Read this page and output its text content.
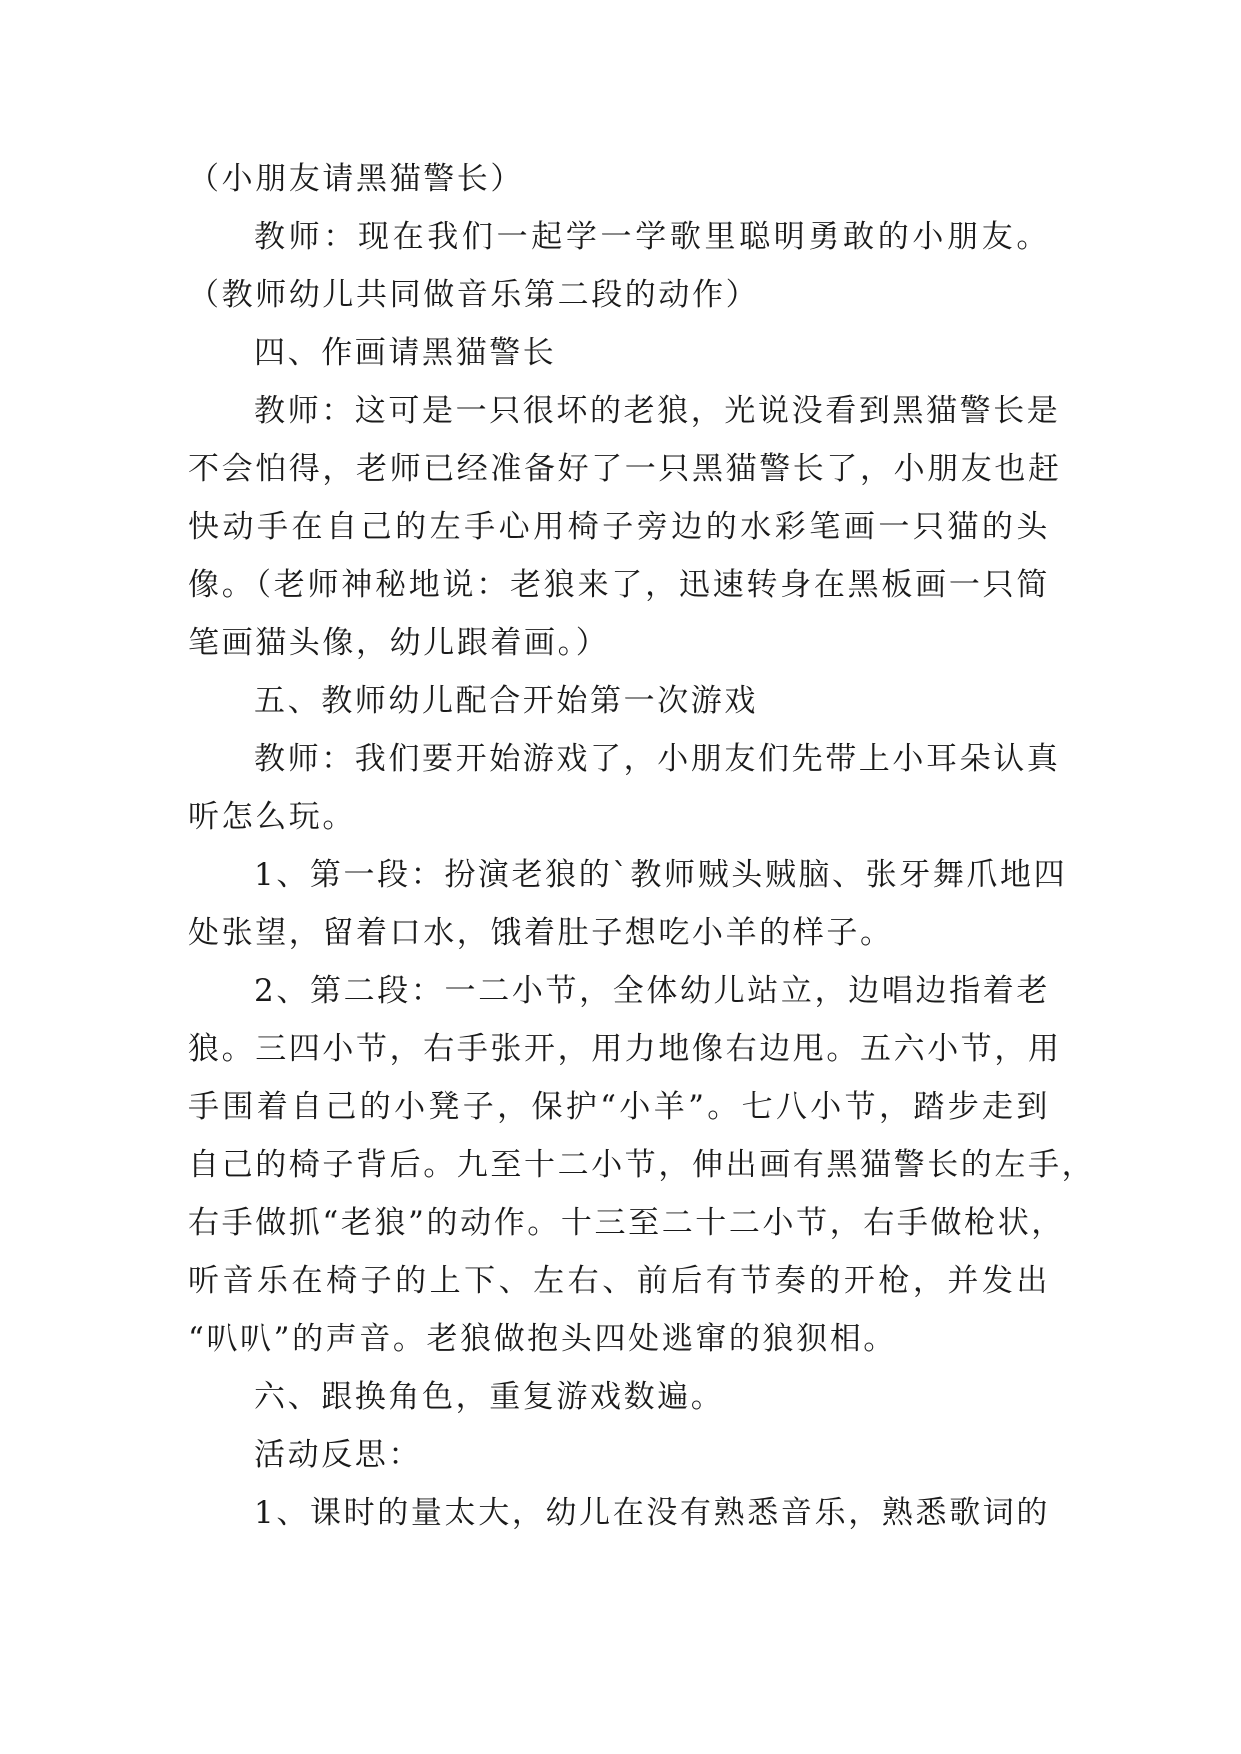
（小朋友请黑猫警长）
教师：现在我们一起学一学歌里聪明勇敢的小朋友。
（教师幼儿共同做音乐第二段的动作）
四、作画请黑猫警长
教师：这可是一只很坏的老狼，光说没看到黑猫警长是
不会怕得，老师已经准备好了一只黑猫警长了，小朋友也赶
快动手在自己的左手心用椅子旁边的水彩笔画一只猫的头
像。（老师神秘地说：老狼来了，迅速转身在黑板画一只简
笔画猫头像，幼儿跟着画。）
五、教师幼儿配合开始第一次游戏
教师：我们要开始游戏了，小朋友们先带上小耳朵认真
听怎么玩。
1、第一段：扮演老狼的`教师贼头贼脑、张牙舞爪地四
处张望，留着口水，饿着肚子想吃小羊的样子。
2、第二段：一二小节，全体幼儿站立，边唱边指着老
狼。三四小节，右手张开，用力地像右边甩。五六小节，用
手围着自己的小凳子，保护“小羊”。七八小节，踏步走到
自己的椅子背后。九至十二小节，伸出画有黑猫警长的左手，
右手做抓“老狼”的动作。十三至二十二小节，右手做枪状，
听音乐在椅子的上下、左右、前后有节奏的开枪，并发出
“叭叭”的声音。老狼做抱头四处逃窜的狼狈相。
六、跟换角色，重复游戏数遍。
活动反思：
1、课时的量太大，幼儿在没有熟悉音乐，熟悉歌词的
